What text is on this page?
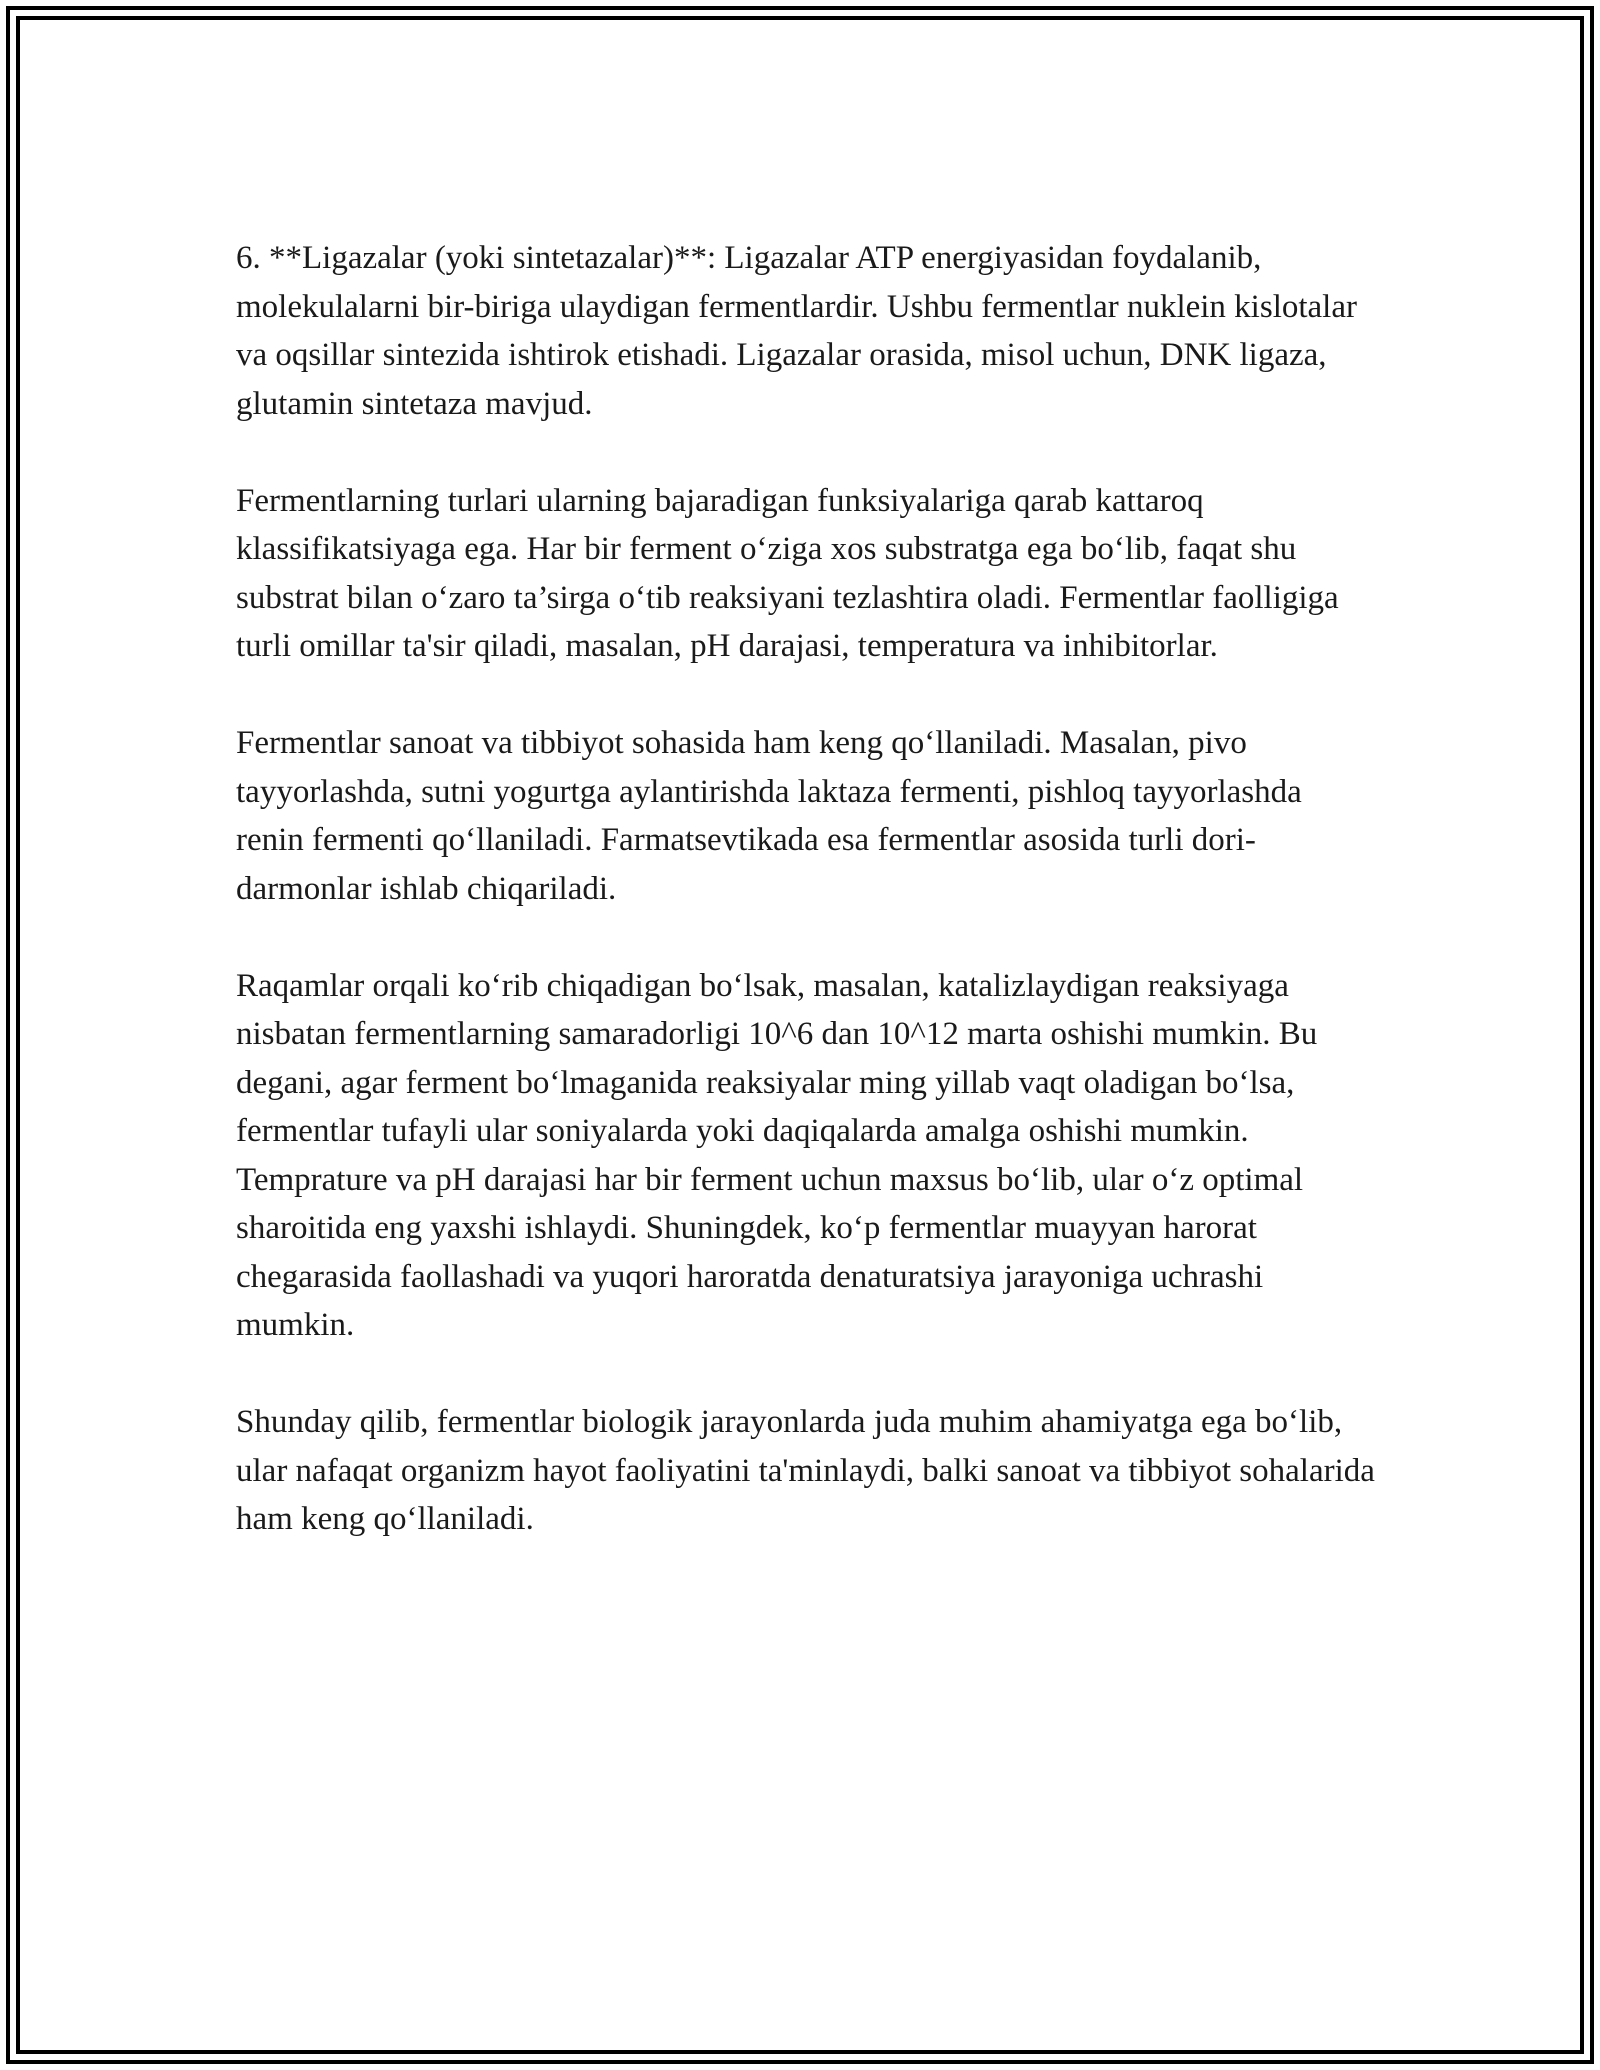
6. **Ligazalar (yoki sintetazalar)**: Ligazalar ATP energiyasidan foydalanib, molekulalarni bir-biriga ulaydigan fermentlardir. Ushbu fermentlar nuklein kislotalar va oqsillar sintezida ishtirok etishadi. Ligazalar orasida, misol uchun, DNK ligaza, glutamin sintetaza mavjud.

Fermentlarning turlari ularning bajaradigan funksiyalariga qarab kattaroq klassifikatsiyaga ega. Har bir ferment o‘ziga xos substratga ega bo‘lib, faqat shu substrat bilan o‘zaro ta’sirga o‘tib reaksiyani tezlashtira oladi. Fermentlar faolligiga turli omillar ta'sir qiladi, masalan, pH darajasi, temperatura va inhibitorlar.

Fermentlar sanoat va tibbiyot sohasida ham keng qo‘llaniladi. Masalan, pivo tayyorlashda, sutni yogurtga aylantirishda laktaza fermenti, pishloq tayyorlashda renin fermenti qo‘llaniladi. Farmatsevtikada esa fermentlar asosida turli dori-darmonlar ishlab chiqariladi.

Raqamlar orqali ko‘rib chiqadigan bo‘lsak, masalan, katalizlaydigan reaksiyaga nisbatan fermentlarning samaradorligi 10^6 dan 10^12 marta oshishi mumkin. Bu degani, agar ferment bo‘lmaganida reaksiyalar ming yillab vaqt oladigan bo‘lsa, fermentlar tufayli ular soniyalarda yoki daqiqalarda amalga oshishi mumkin. Temprature va pH darajasi har bir ferment uchun maxsus bo‘lib, ular o‘z optimal sharoitida eng yaxshi ishlaydi. Shuningdek, ko‘p fermentlar muayyan harorat chegarasida faollashadi va yuqori haroratda denaturatsiya jarayoniga uchrashi mumkin.

Shunday qilib, fermentlar biologik jarayonlarda juda muhim ahamiyatga ega bo‘lib, ular nafaqat organizm hayot faoliyatini ta'minlaydi, balki sanoat va tibbiyot sohalarida ham keng qo‘llaniladi.
